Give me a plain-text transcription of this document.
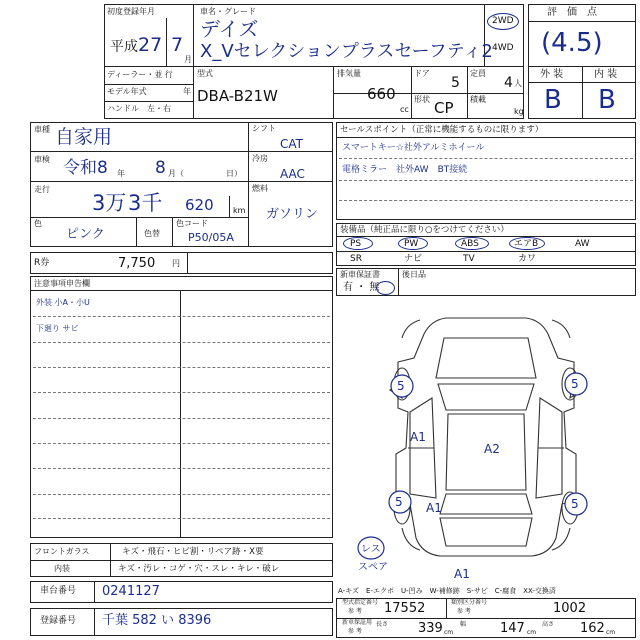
初度登録年月	車名・グレード
平成 27 7
月
デイズ
X_Vセレクションプラスセーフティ2
2WD
4WD
ディーラー・並 行
モデル年式	年
ハンドル　左・右
型式
DBA-B21W
排気量
660
cc
ドア
5
定員
4 人
形状 CP 積載
kg
評　価　点
(4.5)
外 装	内 装
B B
車種 自家用
車検 令和8 年 8 月（	日）
走行
3万 3千 620 km
色
ピンク	色替
色コード
P50/05A
シフト
CAT
冷房
AAC
燃料
ガソリン
R券	7,750 円
セールスポイント（正常に機能するものに限ります）
スマートキー☆社外アルミホイール
電格ミラー　社外AW　BT接続
装備品（純正品に限り○をつけてください）
PS	PW	ABS	エアB	AW
SR	ナビ	TV	カワ
新車保証書
有 ・ 無
後日品
注意事項申告欄
外装 小A・小U
下廻り サビ
フロントガラス	キズ・飛石・ヒビ割・リペア跡・X要
内装	キズ・汚レ・コゲ・穴・スレ・キレ・破レ
車台番号 0241127
登録番号 千葉 582 い 8396
5	5
A1
A2
5	5
A1
A1
レス
スペア
A-キズ　E-エクボ　U-凹み　W-補修跡　S-サビ　C-腐食　XX-交換済
型式指定番号
参 考 17552	類別区分番号
参 考	1002
新車保証用
参 考
長さ 339 cm
幅	147 cm
高さ 162 cm
